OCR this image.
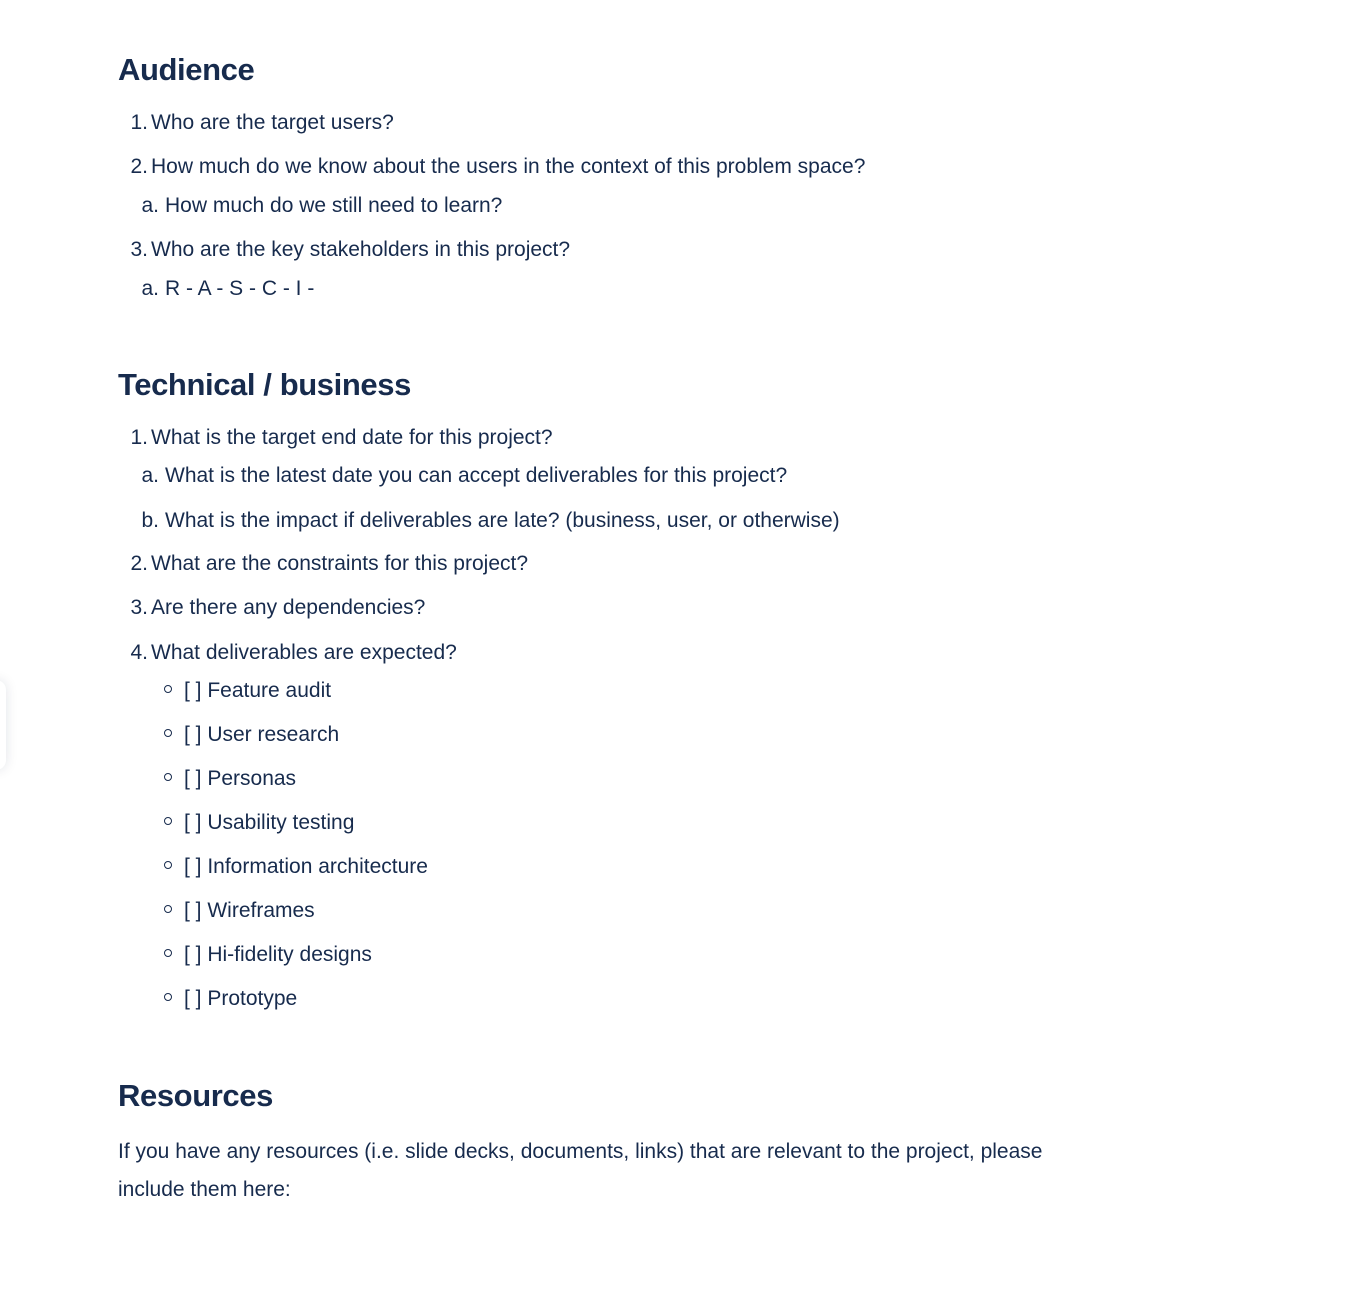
Audience
1. Who are the target users?
2. How much do we know about the users in the context of this problem space?
a. How much do we still need to learn?
3. Who are the key stakeholders in this project?
a. R - A - S - C - I -
Technical / business
1. What is the target end date for this project?
a. What is the latest date you can accept deliverables for this project?
b. What is the impact if deliverables are late? (business, user, or otherwise)
2. What are the constraints for this project?
3. Are there any dependencies?
4. What deliverables are expected?
[ ] Feature audit
[ ] User research
[ ] Personas
[ ] Usability testing
[ ] Information architecture
[ ] Wireframes
[ ] Hi-fidelity designs
[ ] Prototype
Resources

If you have any resources (i.e. slide decks, documents, links) that are relevant to the project, please include them here:
